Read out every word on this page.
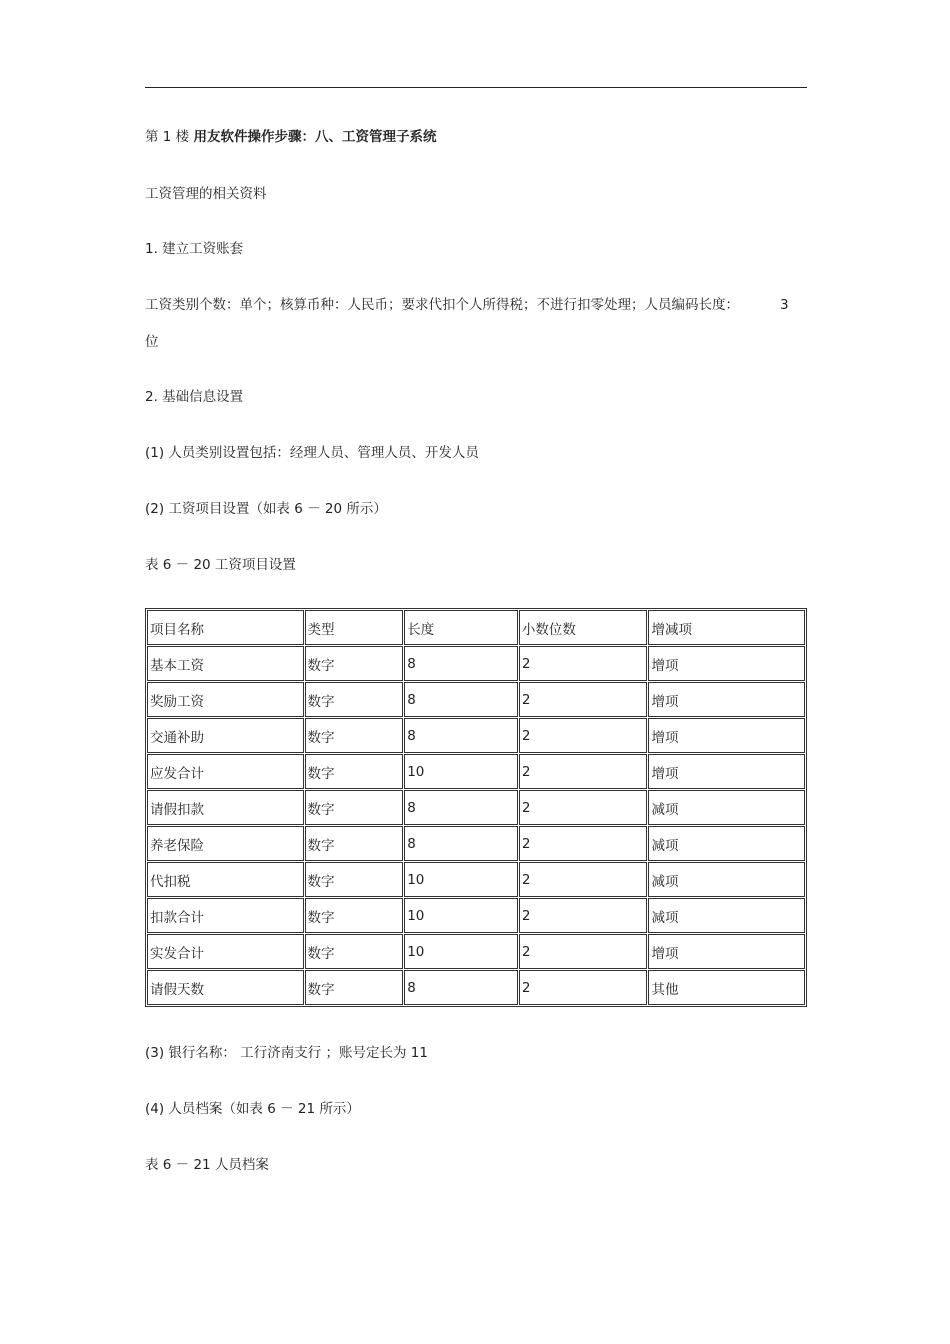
第 1 楼 用友软件操作步骤：八、工资管理子系统
工资管理的相关资料
1. 建立工资账套
工资类别个数：单个；核算币种：人民币；要求代扣个人所得税；不进行扣零处理；人员编码长度：	3
位
2. 基础信息设置
(1) 人员类别设置包括：经理人员、管理人员、开发人员
(2) 工资项目设置（如表 6 － 20 所示）
表 6 － 20 工资项目设置
项目名称	类型	长度	小数位数	增减项
基本工资	数字	8	2	增项
奖励工资	数字	8	2	增项
交通补助	数字	8	2	增项
应发合计	数字	10	2	增项
请假扣款	数字	8	2	减项
养老保险	数字	8	2	减项
代扣税	数字	10	2	减项
扣款合计	数字	10	2	减项
实发合计	数字	10	2	增项
请假天数	数字	8	2	其他
(3) 银行名称： 工行济南支行 ；账号定长为 11
(4) 人员档案（如表 6 － 21 所示）
表 6 － 21 人员档案
